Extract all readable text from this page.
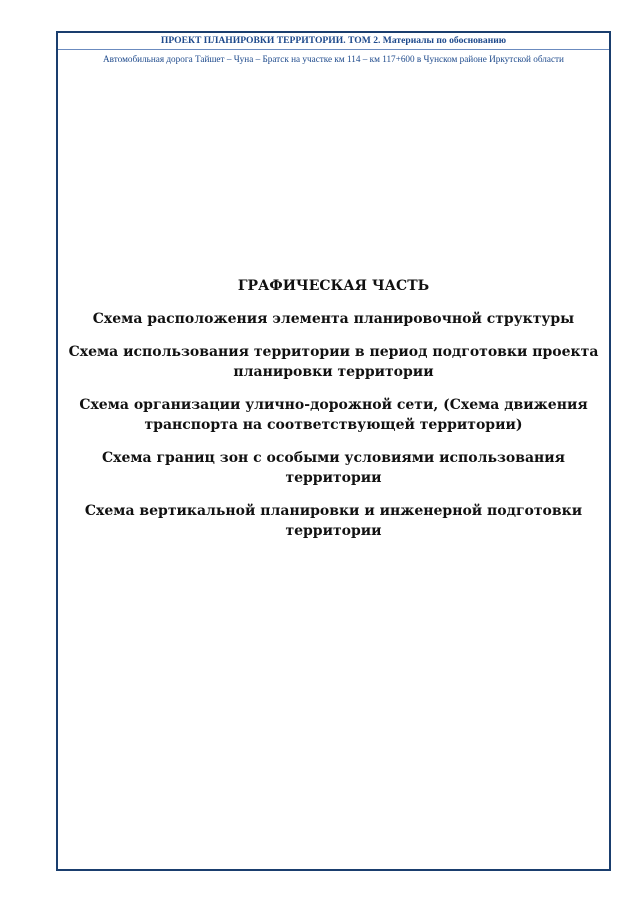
ПРОЕКТ ПЛАНИРОВКИ ТЕРРИТОРИИ. ТОМ 2. Материалы по обоснованию
Автомобильная дорога Тайшет – Чуна – Братск на участке км 114 – км 117+600 в Чунском районе Иркутской области
ГРАФИЧЕСКАЯ ЧАСТЬ
Схема расположения элемента планировочной структуры
Схема использования территории в период подготовки проекта планировки территории
Схема организации улично-дорожной сети, (Схема движения транспорта на соответствующей территории)
Схема границ зон с особыми условиями использования территории
Схема вертикальной планировки и инженерной подготовки территории
